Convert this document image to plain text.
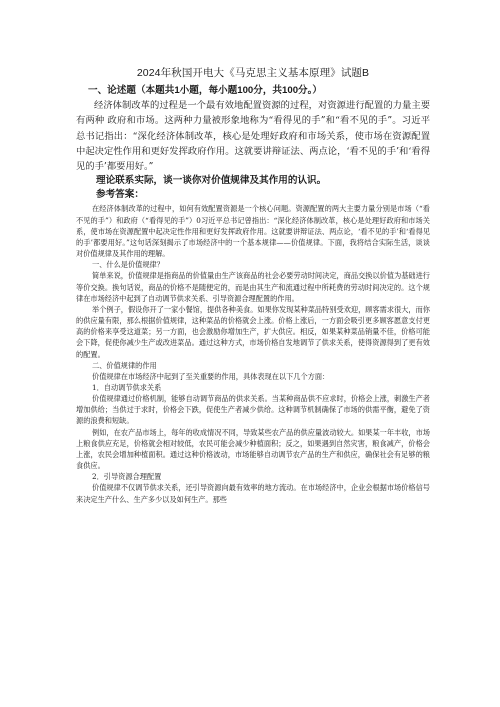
2024年秋国开电大《马克思主义基本原理》试题B
一、论述题（本题共1小题，每小题100分，共100分。）

经济体制改革的过程是一个最有效地配置资源的过程，对资源进行配置的力量主要有两种 政府和市场。这两种力量被形象地称为“看得见的手”和“看不见的手”。习近平总书记指出：“深化经济体制改革，核心是处理好政府和市场关系，使市场在资源配置中起决定性作用和更好发挥政府作用。这就要讲辩证法、两点论，‘看不见的手’和‘看得见的手’都要用好。”

理论联系实际，谈一谈你对价值规律及其作用的认识。
参考答案：

在经济体制改革的过程中，如何有效配置资源是一个核心问题。资源配置的两大主要力量分别是市场（“看不见的手”）和政府（“看得见的手”）0习近平总书记曾指出：“深化经济体制改革，核心是处理好政府和市场关系，使市场在资源配置中起决定性作用和更好发挥政府作用。这就要讲辩证法、两点论，‘看不见的手’和‘看得见的手’都要用好。”这句话深刻揭示了市场经济中的一个基本规律——价值规律。下面，我将结合实际生活，谈谈对价值规律及其作用的理解。

一、什么是价值规律？

简单来说，价值规律是指商品的价值量由生产该商品的社会必要劳动时间决定，商品交换以价值为基础进行等价交换。换句话说，商品的价格不是随便定的，而是由其生产和流通过程中所耗费的劳动时间决定的。这个规律在市场经济中起到了自动调节供求关系、引导资源合理配置的作用。

举个例子，假设你开了一家小餐馆，提供各种美食。如果你发现某种菜品特别受欢迎，顾客需求很大，而你的供应量有限，那么根据价值规律，这种菜品的价格就会上涨。价格上涨后，一方面会吸引更多顾客愿意支付更高的价格来享受这道菜；另一方面，也会激励你增加生产，扩大供应。相反，如果某种菜品销量不佳，价格可能会下降，促使你减少生产或改进菜品。通过这种方式，市场价格自发地调节了供求关系，使得资源得到了更有效的配置。

二、价值规律的作用

价值规律在市场经济中起到了至关重要的作用，具体表现在以下几个方面：

1．自动调节供求关系

价值规律通过价格机制，能够自动调节商品的供求关系。当某种商品供不应求时，价格会上涨，刺激生产者增加供给；当供过于求时，价格会下跌，促使生产者减少供给。这种调节机制确保了市场的供需平衡，避免了资源的浪费和短缺。

例如，在农产品市场上，每年的收成情况不同，导致某些农产品的供应量波动较大。如果某一年丰收，市场上粮食供应充足，价格就会相对较低，农民可能会减少种植面积；反之，如果遇到自然灾害，粮食减产，价格会上涨，农民会增加种植面积。通过这种价格波动，市场能够自动调节农产品的生产和供应，确保社会有足够的粮食供应。

2．引导资源合理配置

价值规律不仅调节供求关系，还引导资源向最有效率的地方流动。在市场经济中，企业会根据市场价格信号来决定生产什么、生产多少以及如何生产。那些
